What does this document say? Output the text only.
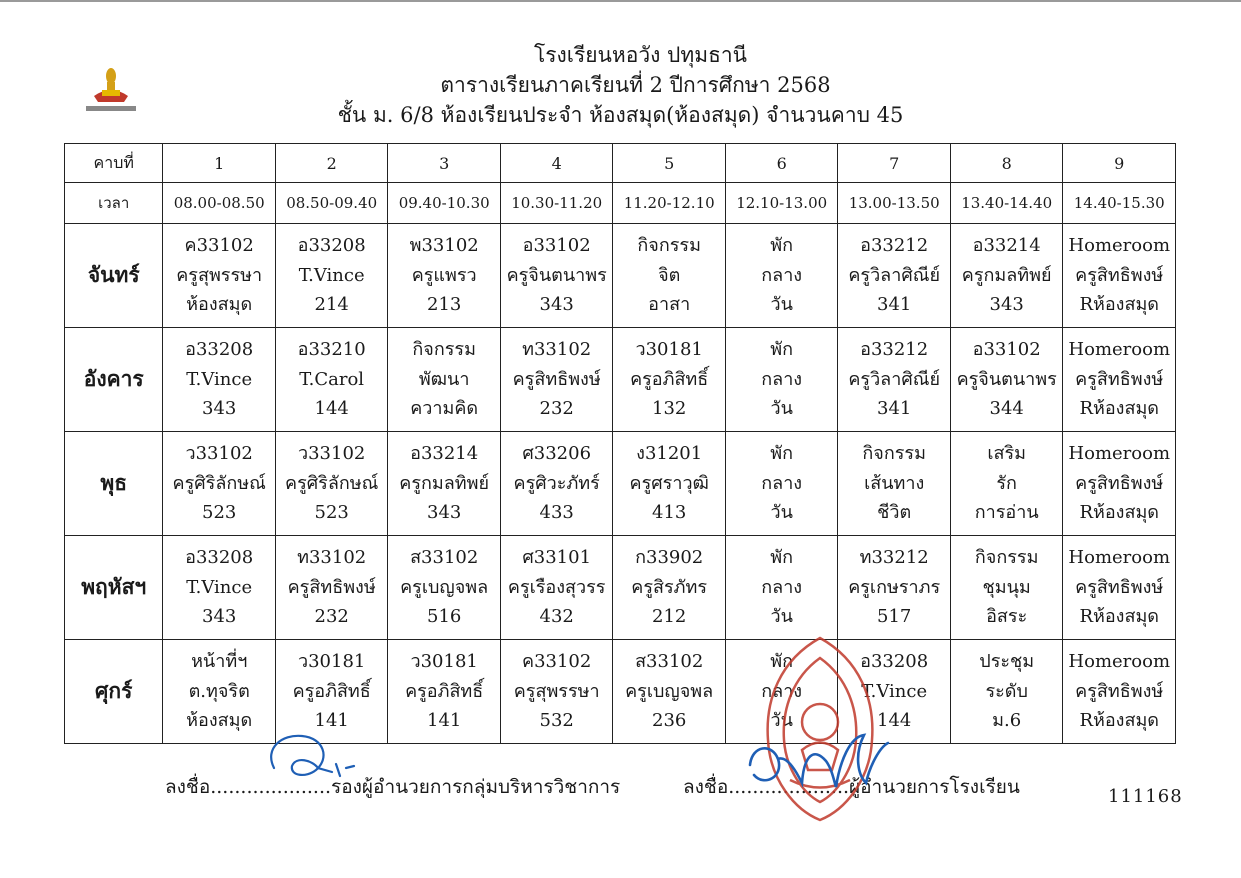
โรงเรียนหอวัง ปทุมธานี
ตารางเรียนภาคเรียนที่ 2 ปีการศึกษา 2568
ชั้น ม. 6/8 ห้องเรียนประจำ ห้องสมุด(ห้องสมุด) จำนวนคาบ 45
คาบที่	1	2	3	4	5	6	7	8	9
เวลา	08.00-08.50	08.50-09.40	09.40-10.30	10.30-11.20	11.20-12.10	12.10-13.00	13.00-13.50	13.40-14.40	14.40-15.30
จันทร์	ค33102
ครูสุพรรษา
ห้องสมุด	อ33208
T.Vince
214	พ33102
ครูแพรว
213	อ33102
ครูจินตนาพร
343	กิจกรรม
จิต
อาสา	พัก
กลาง
วัน	อ33212
ครูวิลาศิณีย์
341	อ33214
ครูกมลทิพย์
343	Homeroom
ครูสิทธิพงษ์
Rห้องสมุด

อังคาร	อ33208
T.Vince
343	อ33210
T.Carol
144	กิจกรรม
พัฒนา
ความคิด	ท33102
ครูสิทธิพงษ์
232	ว30181
ครูอภิสิทธิ์
132	พัก
กลาง
วัน	อ33212
ครูวิลาศิณีย์
341	อ33102
ครูจินตนาพร
344	Homeroom
ครูสิทธิพงษ์
Rห้องสมุด

พุธ	ว33102
ครูศิริลักษณ์
523	ว33102
ครูศิริลักษณ์
523	อ33214
ครูกมลทิพย์
343	ศ33206
ครูศิวะภัทร์
433	ง31201
ครูศราวุฒิ
413	พัก
กลาง
วัน	กิจกรรม
เส้นทาง
ชีวิต	เสริม
รัก
การอ่าน	Homeroom
ครูสิทธิพงษ์
Rห้องสมุด

พฤหัสฯ	อ33208
T.Vince
343	ท33102
ครูสิทธิพงษ์
232	ส33102
ครูเบญจพล
516	ศ33101
ครูเรืองสุวรร
432	ก33902
ครูสิรภัทร
212	พัก
กลาง
วัน	ท33212
ครูเกษราภร
517	กิจกรรม
ชุมนุม
อิสระ	Homeroom
ครูสิทธิพงษ์
Rห้องสมุด

ศุกร์	หน้าที่ฯ
ต.ทุจริต
ห้องสมุด	ว30181
ครูอภิสิทธิ์
141	ว30181
ครูอภิสิทธิ์
141	ค33102
ครูสุพรรษา
532	ส33102
ครูเบญจพล
236	พัก
กลาง
วัน	อ33208
T.Vince
144	ประชุม
ระดับ
ม.6	Homeroom
ครูสิทธิพงษ์
Rห้องสมุด
ลงชื่อ....................รองผู้อำนวยการกลุ่มบริหารวิชาการ	ลงชื่อ....................ผู้อำนวยการโรงเรียน	111168
